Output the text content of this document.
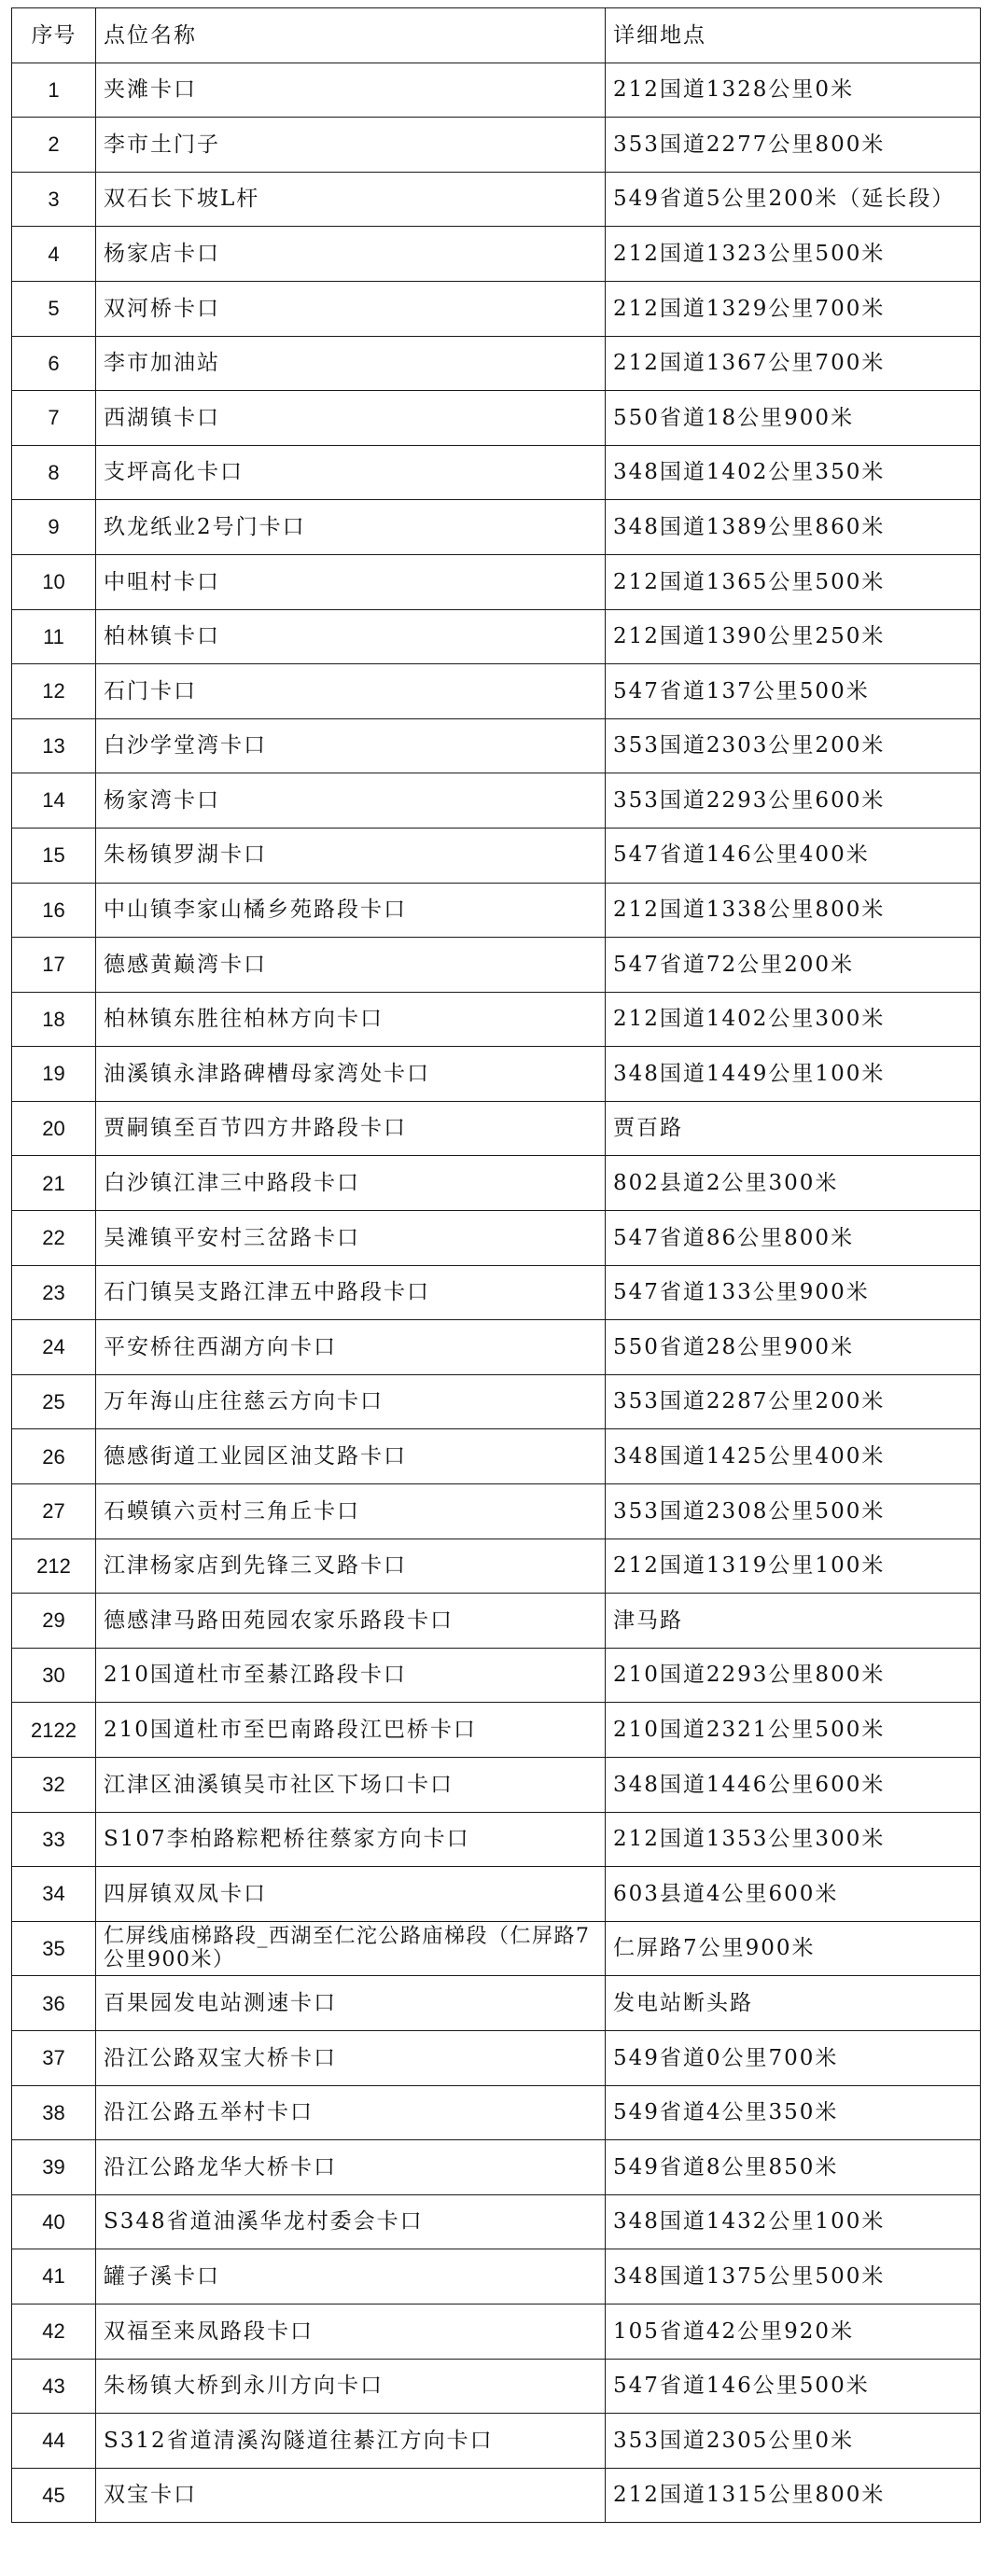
序号	点位名称	详细地点
1	夹滩卡口	212国道1328公里0米
2	李市土门子	353国道2277公里800米
3	双石长下坡L杆	549省道5公里200米（延长段）
4	杨家店卡口	212国道1323公里500米
5	双河桥卡口	212国道1329公里700米
6	李市加油站	212国道1367公里700米
7	西湖镇卡口	550省道18公里900米
8	支坪高化卡口	348国道1402公里350米
9	玖龙纸业2号门卡口	348国道1389公里860米
10	中咀村卡口	212国道1365公里500米
11	柏林镇卡口	212国道1390公里250米
12	石门卡口	547省道137公里500米
13	白沙学堂湾卡口	353国道2303公里200米
14	杨家湾卡口	353国道2293公里600米
15	朱杨镇罗湖卡口	547省道146公里400米
16	中山镇李家山橘乡苑路段卡口	212国道1338公里800米
17	德感黄巅湾卡口	547省道72公里200米
18	柏林镇东胜往柏林方向卡口	212国道1402公里300米
19	油溪镇永津路碑槽母家湾处卡口	348国道1449公里100米
20	贾嗣镇至百节四方井路段卡口	贾百路
21	白沙镇江津三中路段卡口	802县道2公里300米
22	吴滩镇平安村三岔路卡口	547省道86公里800米
23	石门镇吴支路江津五中路段卡口	547省道133公里900米
24	平安桥往西湖方向卡口	550省道28公里900米
25	万年海山庄往慈云方向卡口	353国道2287公里200米
26	德感街道工业园区油艾路卡口	348国道1425公里400米
27	石蟆镇六贡村三角丘卡口	353国道2308公里500米
212	江津杨家店到先锋三叉路卡口	212国道1319公里100米
29	德感津马路田苑园农家乐路段卡口	津马路
30	210国道杜市至綦江路段卡口	210国道2293公里800米
2122	210国道杜市至巴南路段江巴桥卡口	210国道2321公里500米
32	江津区油溪镇吴市社区下场口卡口	348国道1446公里600米
33	S107李柏路粽粑桥往蔡家方向卡口	212国道1353公里300米
34	四屏镇双凤卡口	603县道4公里600米
35	仁屏线庙梯路段_西湖至仁沱公路庙梯段（仁屏路7公里900米）	仁屏路7公里900米
36	百果园发电站测速卡口	发电站断头路
37	沿江公路双宝大桥卡口	549省道0公里700米
38	沿江公路五举村卡口	549省道4公里350米
39	沿江公路龙华大桥卡口	549省道8公里850米
40	S348省道油溪华龙村委会卡口	348国道1432公里100米
41	罐子溪卡口	348国道1375公里500米
42	双福至来凤路段卡口	105省道42公里920米
43	朱杨镇大桥到永川方向卡口	547省道146公里500米
44	S312省道清溪沟隧道往綦江方向卡口	353国道2305公里0米
45	双宝卡口	212国道1315公里800米
